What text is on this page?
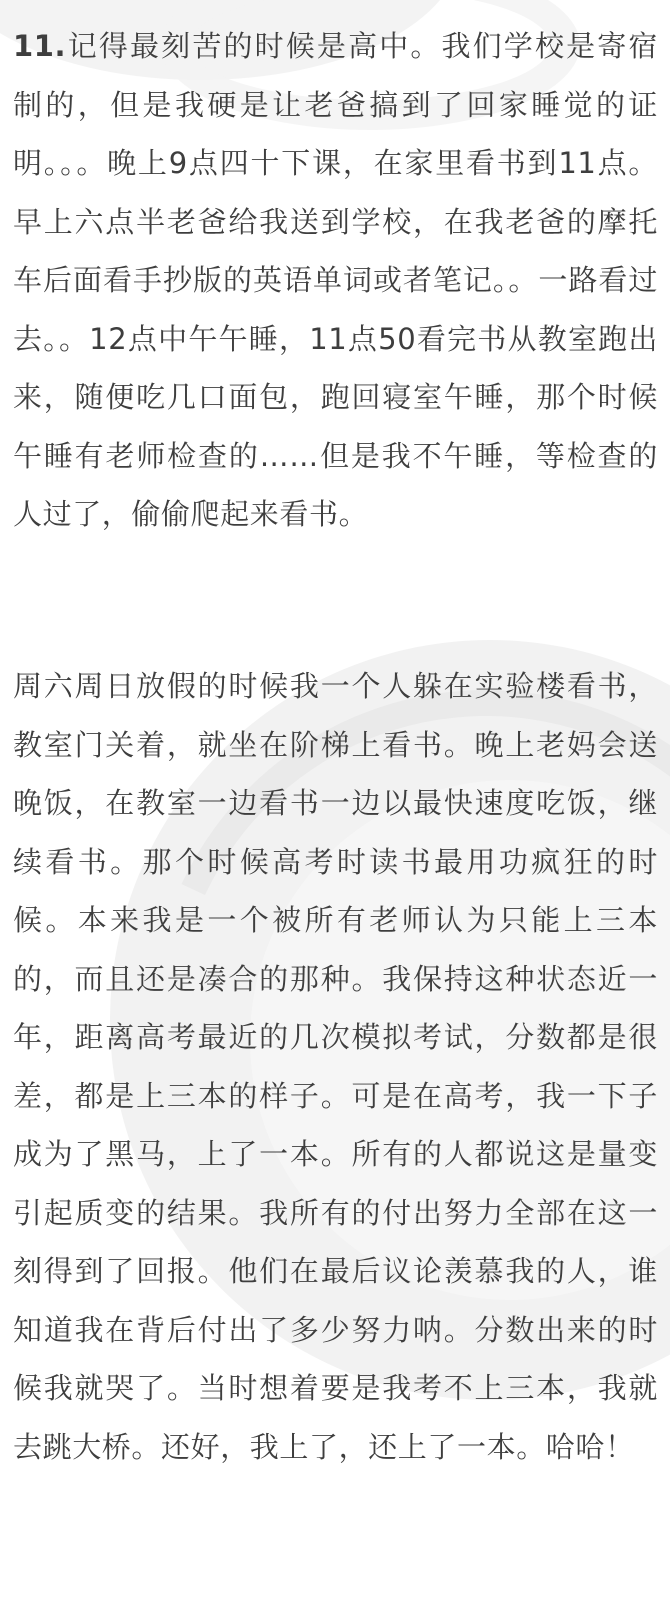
11.记得最刻苦的时候是高中。我们学校是寄宿制的，但是我硬是让老爸搞到了回家睡觉的证明。。。晚上9点四十下课，在家里看书到11点。早上六点半老爸给我送到学校，在我老爸的摩托车后面看手抄版的英语单词或者笔记。。一路看过去。。12点中午午睡，11点50看完书从教室跑出来，随便吃几口面包，跑回寝室午睡，那个时候午睡有老师检查的……但是我不午睡，等检查的人过了，偷偷爬起来看书。

周六周日放假的时候我一个人躲在实验楼看书，教室门关着，就坐在阶梯上看书。晚上老妈会送晚饭，在教室一边看书一边以最快速度吃饭，继续看书。那个时候高考时读书最用功疯狂的时候。本来我是一个被所有老师认为只能上三本的，而且还是凑合的那种。我保持这种状态近一年，距离高考最近的几次模拟考试，分数都是很差，都是上三本的样子。可是在高考，我一下子成为了黑马，上了一本。所有的人都说这是量变引起质变的结果。我所有的付出努力全部在这一刻得到了回报。他们在最后议论羡慕我的人，谁知道我在背后付出了多少努力呐。分数出来的时候我就哭了。当时想着要是我考不上三本，我就去跳大桥。还好，我上了，还上了一本。哈哈！
